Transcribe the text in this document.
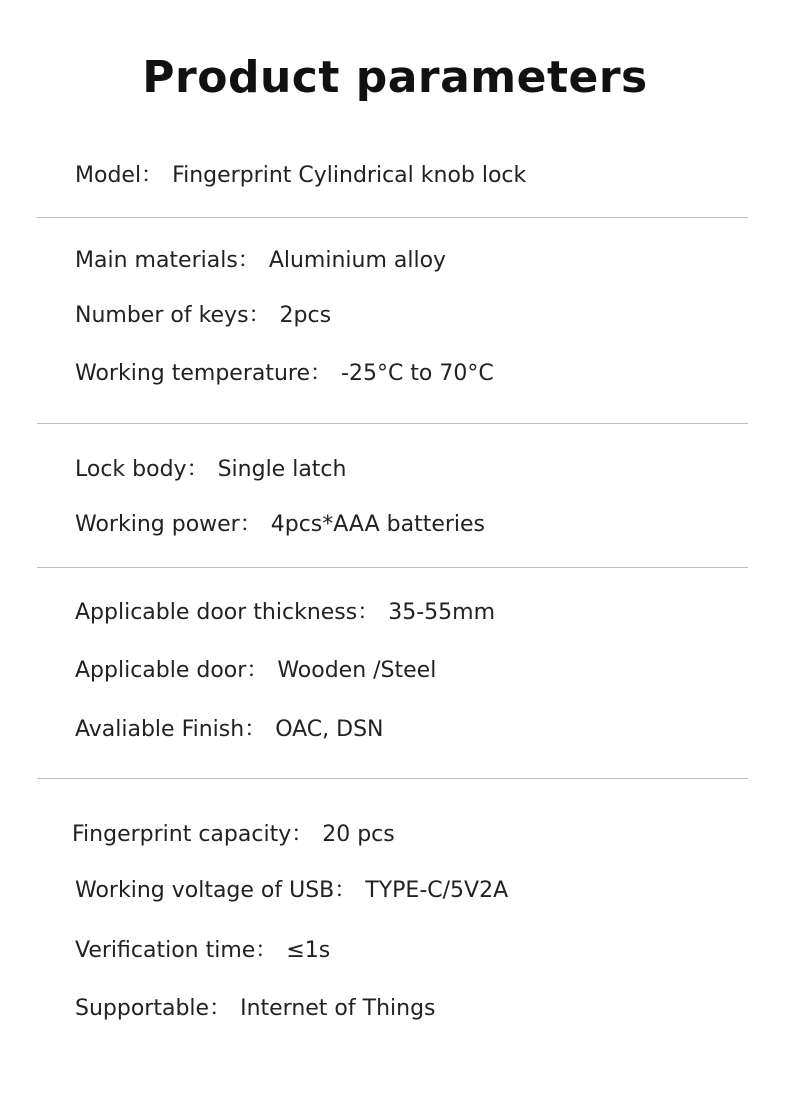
Product parameters
Model： Fingerprint Cylindrical knob lock
Main materials： Aluminium alloy
Number of keys： 2pcs
Working temperature： -25°C to 70°C
Lock body： Single latch
Working power： 4pcs*AAA batteries
Applicable door thickness： 35-55mm
Applicable door： Wooden /Steel
Avaliable Finish： OAC, DSN
Fingerprint capacity： 20 pcs
Working voltage of USB： TYPE-C/5V2A
Verification time： ≤1s
Supportable： Internet of Things
